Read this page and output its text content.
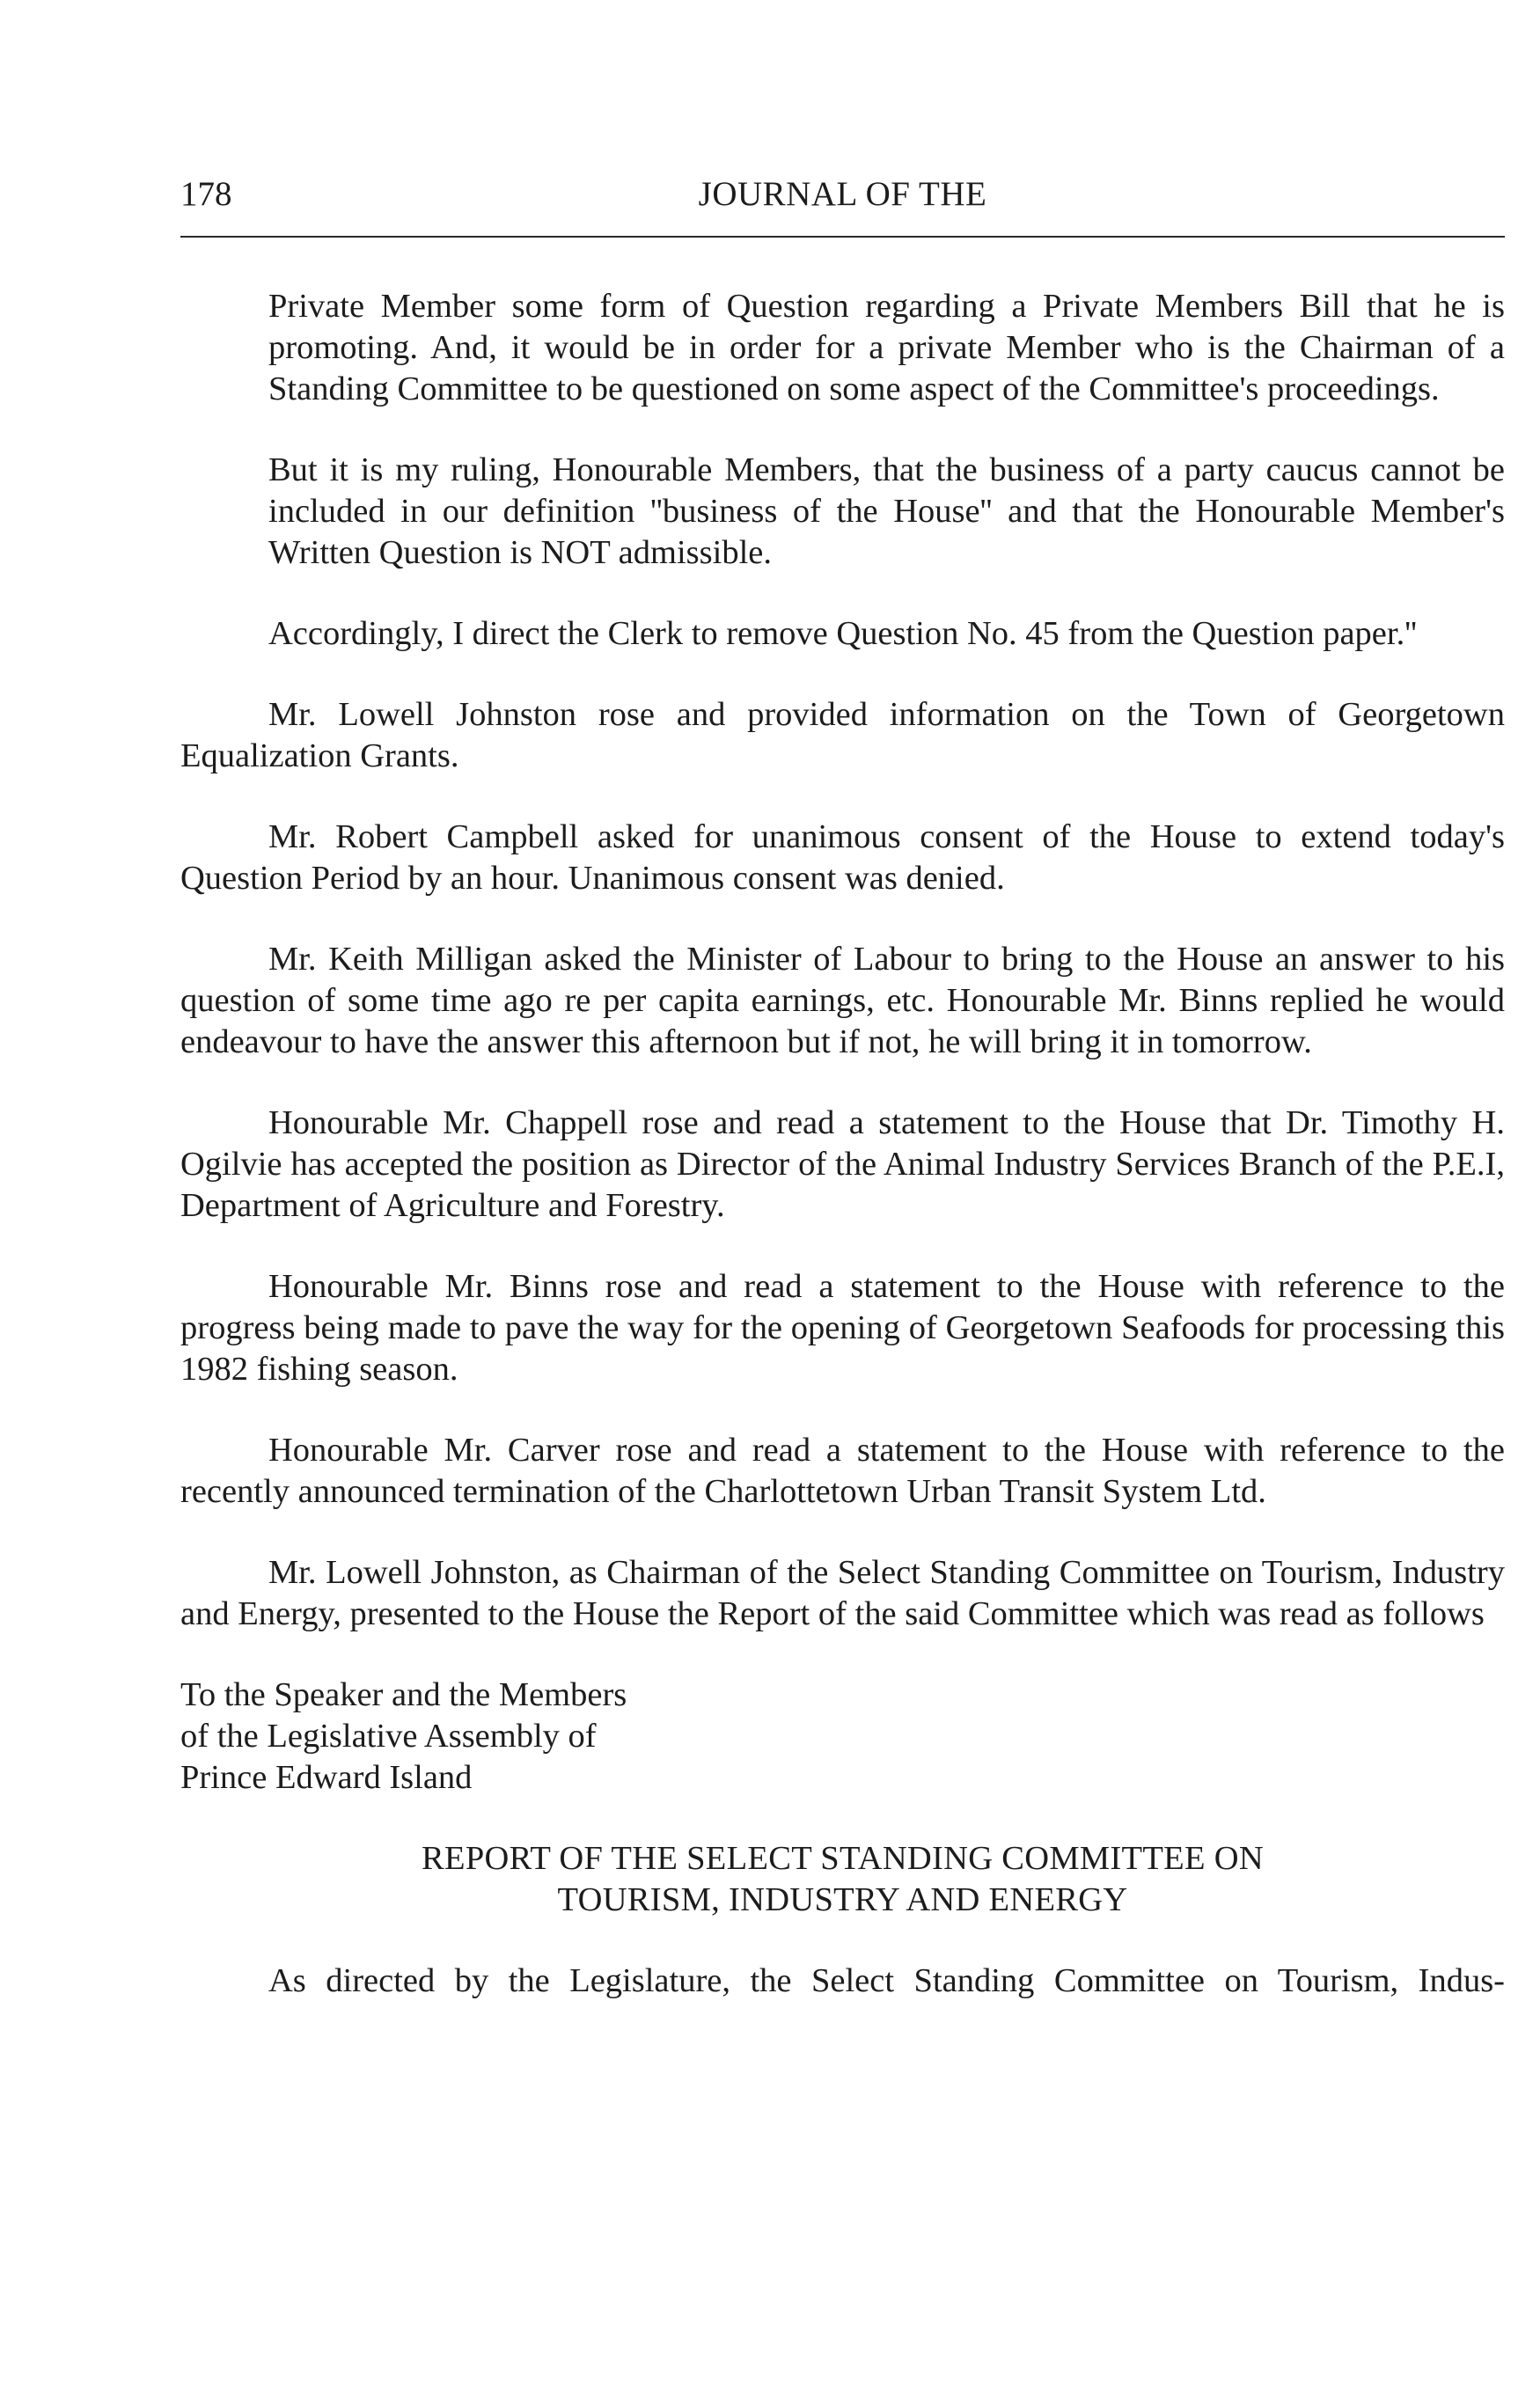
178	JOURNAL OF THE

Private Member some form of Question regarding a Private Members Bill that he is promoting. And, it would be in order for a private Member who is the Chairman of a Standing Committee to be questioned on some aspect of the Committee's proceedings.

But it is my ruling, Honourable Members, that the business of a party caucus cannot be included in our definition ''business of the House'' and that the Honourable Member's Written Question is NOT admissible.

Accordingly, I direct the Clerk to remove Question No. 45 from the Question paper.''

Mr. Lowell Johnston rose and provided information on the Town of Georgetown Equalization Grants.

Mr. Robert Campbell asked for unanimous consent of the House to extend today's Question Period by an hour. Unanimous consent was denied.

Mr. Keith Milligan asked the Minister of Labour to bring to the House an answer to his question of some time ago re per capita earnings, etc. Honourable Mr. Binns replied he would endeavour to have the answer this afternoon but if not, he will bring it in tomorrow.

Honourable Mr. Chappell rose and read a statement to the House that Dr. Timothy H. Ogilvie has accepted the position as Director of the Animal Industry Services Branch of the P.E.I, Department of Agriculture and Forestry.

Honourable Mr. Binns rose and read a statement to the House with reference to the progress being made to pave the way for the opening of Georgetown Seafoods for processing this 1982 fishing season.

Honourable Mr. Carver rose and read a statement to the House with reference to the recently announced termination of the Charlottetown Urban Transit System Ltd.

Mr. Lowell Johnston, as Chairman of the Select Standing Committee on Tourism, Industry and Energy, presented to the House the Report of the said Committee which was read as follows

To the Speaker and the Members
of the Legislative Assembly of
Prince Edward Island
REPORT OF THE SELECT STANDING COMMITTEE ON
TOURISM, INDUSTRY AND ENERGY

As directed by the Legislature, the Select Standing Committee on Tourism, Indus-
